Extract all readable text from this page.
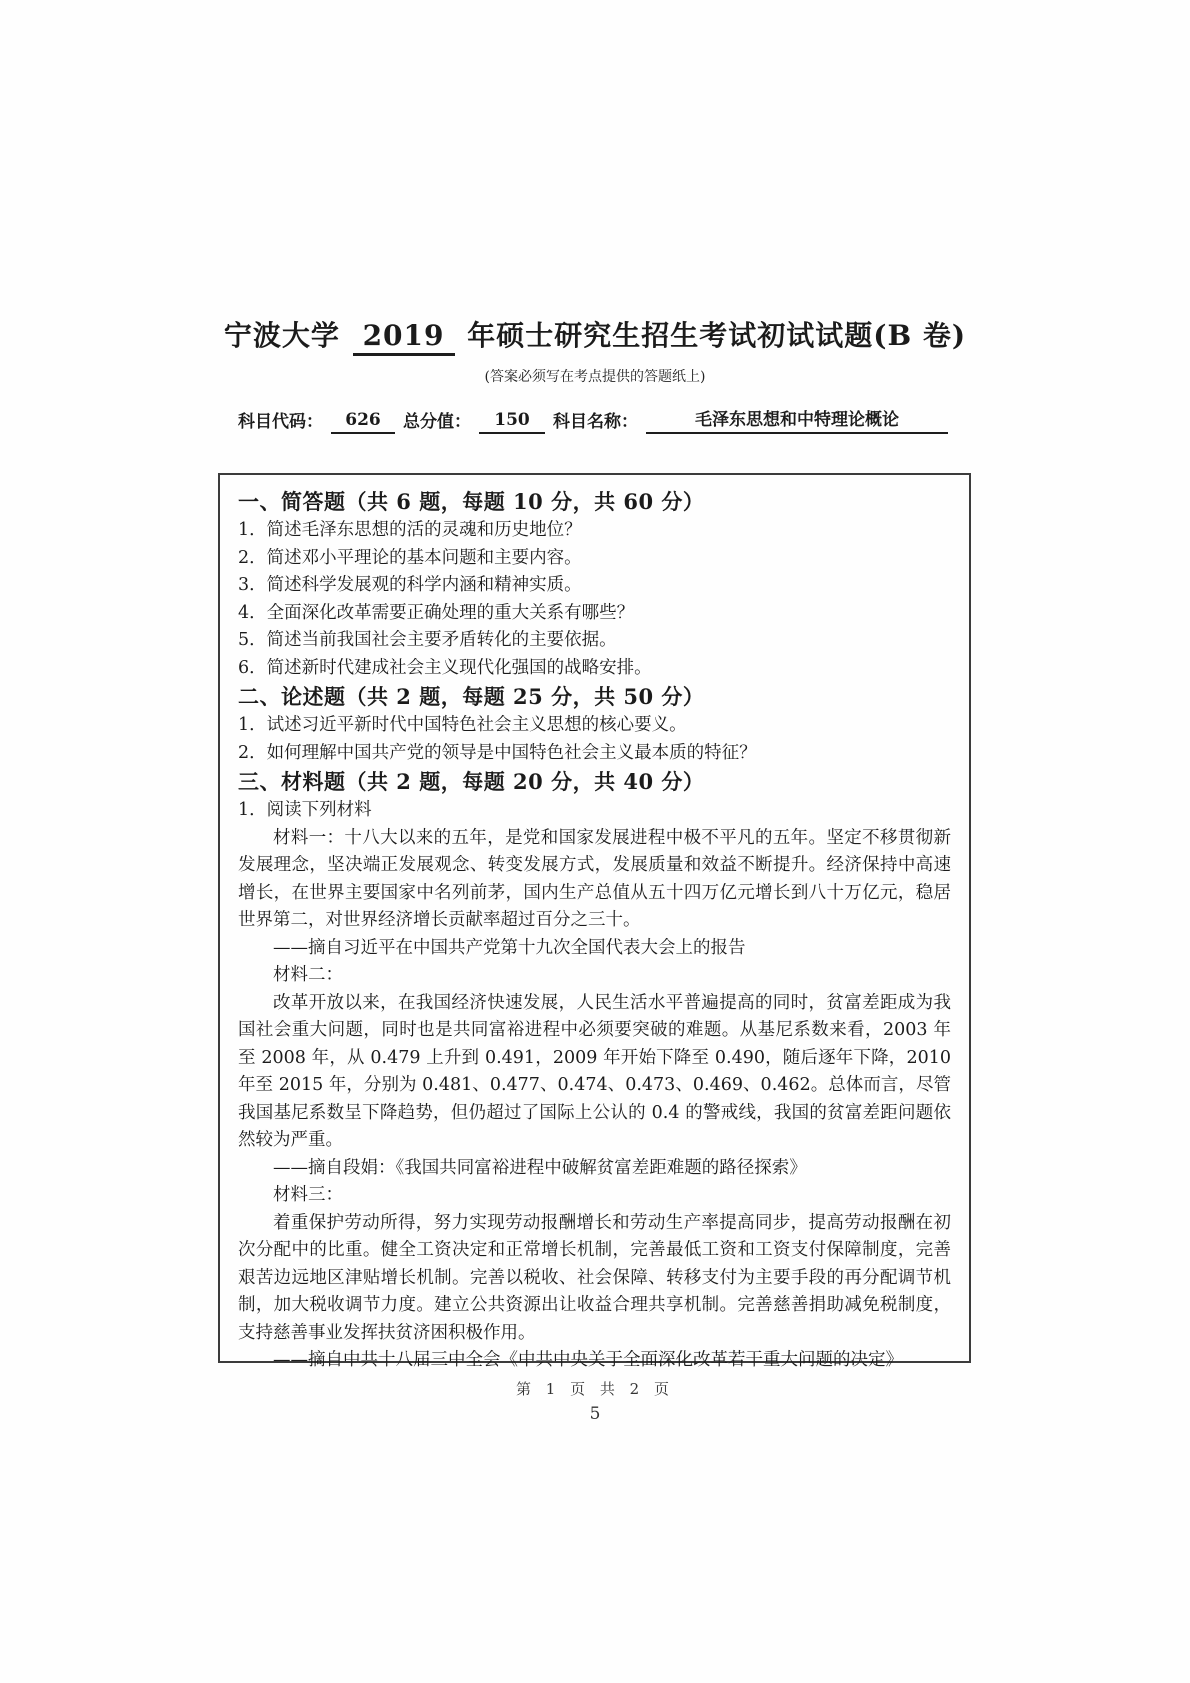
宁波大学 2019 年硕士研究生招生考试初试试题(B 卷)
(答案必须写在考点提供的答题纸上)
科目代码：	626	总分值：	150	科目名称：	毛泽东思想和中特理论概论
一、简答题（共 6 题，每题 10 分，共 60 分）
1．简述毛泽东思想的活的灵魂和历史地位？
2．简述邓小平理论的基本问题和主要内容。
3．简述科学发展观的科学内涵和精神实质。
4．全面深化改革需要正确处理的重大关系有哪些？
5．简述当前我国社会主要矛盾转化的主要依据。
6．简述新时代建成社会主义现代化强国的战略安排。
二、论述题（共 2 题，每题 25 分，共 50 分）
1．试述习近平新时代中国特色社会主义思想的核心要义。
2．如何理解中国共产党的领导是中国特色社会主义最本质的特征？
三、材料题（共 2 题，每题 20 分，共 40 分）
1．阅读下列材料

材料一：十八大以来的五年，是党和国家发展进程中极不平凡的五年。坚定不移贯彻新发展理念，坚决端正发展观念、转变发展方式，发展质量和效益不断提升。经济保持中高速增长，在世界主要国家中名列前茅，国内生产总值从五十四万亿元增长到八十万亿元，稳居世界第二，对世界经济增长贡献率超过百分之三十。

——摘自习近平在中国共产党第十九次全国代表大会上的报告

材料二：

改革开放以来，在我国经济快速发展，人民生活水平普遍提高的同时，贫富差距成为我国社会重大问题，同时也是共同富裕进程中必须要突破的难题。从基尼系数来看，2003 年至 2008 年，从 0.479 上升到 0.491，2009 年开始下降至 0.490，随后逐年下降，2010 年至 2015 年，分别为 0.481、0.477、0.474、0.473、0.469、0.462。总体而言，尽管我国基尼系数呈下降趋势，但仍超过了国际上公认的 0.4 的警戒线，我国的贫富差距问题依然较为严重。

——摘自段娟：《我国共同富裕进程中破解贫富差距难题的路径探索》

材料三：

着重保护劳动所得，努力实现劳动报酬增长和劳动生产率提高同步，提高劳动报酬在初次分配中的比重。健全工资决定和正常增长机制，完善最低工资和工资支付保障制度，完善艰苦边远地区津贴增长机制。完善以税收、社会保障、转移支付为主要手段的再分配调节机制，加大税收调节力度。建立公共资源出让收益合理共享机制。完善慈善捐助减免税制度，支持慈善事业发挥扶贫济困积极作用。

——摘自中共十八届三中全会《中共中央关于全面深化改革若干重大问题的决定》

第 1 页 共 2 页
5
